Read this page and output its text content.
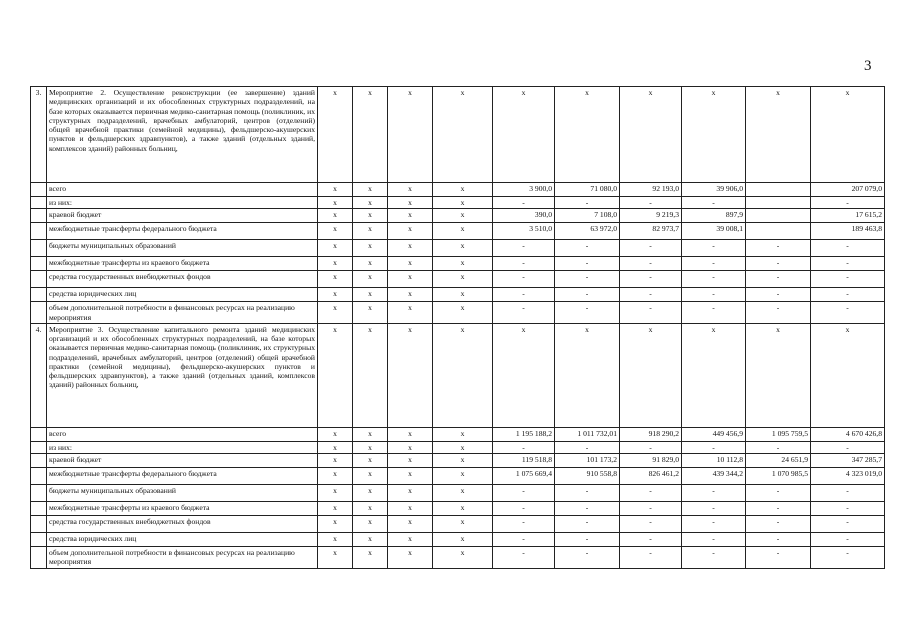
3
3.	Мероприятие 2. Осуществление реконструкции (ее завершение) зданий медицинских организаций и их обособленных структурных подразделений, на базе которых оказывается первичная медико-санитарная помощь (поликлиник, их структурных подразделений, врачебных амбулаторий, центров (отделений) общей врачебной практики (семейной медицины), фельдшерско-акушерских пунктов и фельдшерских здравпунктов), а также зданий (отдельных зданий, комплексов зданий) районных больниц,	x	x	x	x	x	x	x	x	x	x
	всего	x	x	x	x	3 900,0	71 080,0	92 193,0	39 906,0		207 079,0
	из них:	x	x	x	x	-	-	-	-		-
	краевой бюджет	x	x	x	x	390,0	7 108,0	9 219,3	897,9		17 615,2
	межбюджетные трансферты федерального бюджета	x	x	x	x	3 510,0	63 972,0	82 973,7	39 008,1		189 463,8
	бюджеты муниципальных образований	x	x	x	x	-	-	-	-	-	-
	межбюджетные трансферты из краевого бюджета	x	x	x	x	-	-	-	-	-	-
	средства государственных внебюджетных фондов	x	x	x	x	-	-	-	-	-	-
	средства юридических лиц	x	x	x	x	-	-	-	-	-	-
	объем дополнительной потребности в финансовых ресурсах на реализацию мероприятия	x	x	x	x	-	-	-	-	-	-
4.	Мероприятие 3. Осуществление капитального ремонта зданий медицинских организаций и их обособленных структурных подразделений, на базе которых оказывается первичная медико-санитарная помощь (поликлиник, их структурных подразделений, врачебных амбулаторий, центров (отделений) общей врачебной практики (семейной медицины), фельдшерско-акушерских пунктов и фельдшерских здравпунктов), а также зданий (отдельных зданий, комплексов зданий) районных больниц,	x	x	x	x	x	x	x	x	x	x
	всего	x	x	x	x	1 195 188,2	1 011 732,01	918 290,2	449 456,9	1 095 759,5	4 670 426,8
	из них:	x	x	x	x	-	-	-	-	-	-
	краевой бюджет	x	x	x	x	119 518,8	101 173,2	91 829,0	10 112,8	24 651,9	347 285,7
	межбюджетные трансферты федерального бюджета	x	x	x	x	1 075 669,4	910 558,8	826 461,2	439 344,2	1 070 985,5	4 323 019,0
	бюджеты муниципальных образований	x	x	x	x	-	-	-	-	-	-
	межбюджетные трансферты из краевого бюджета	x	x	x	x	-	-	-	-	-	-
	средства государственных внебюджетных фондов	x	x	x	x	-	-	-	-	-	-
	средства юридических лиц	x	x	x	x	-	-	-	-	-	-
	объем дополнительной потребности в финансовых ресурсах на реализацию мероприятия	x	x	x	x	-	-	-	-	-	-
